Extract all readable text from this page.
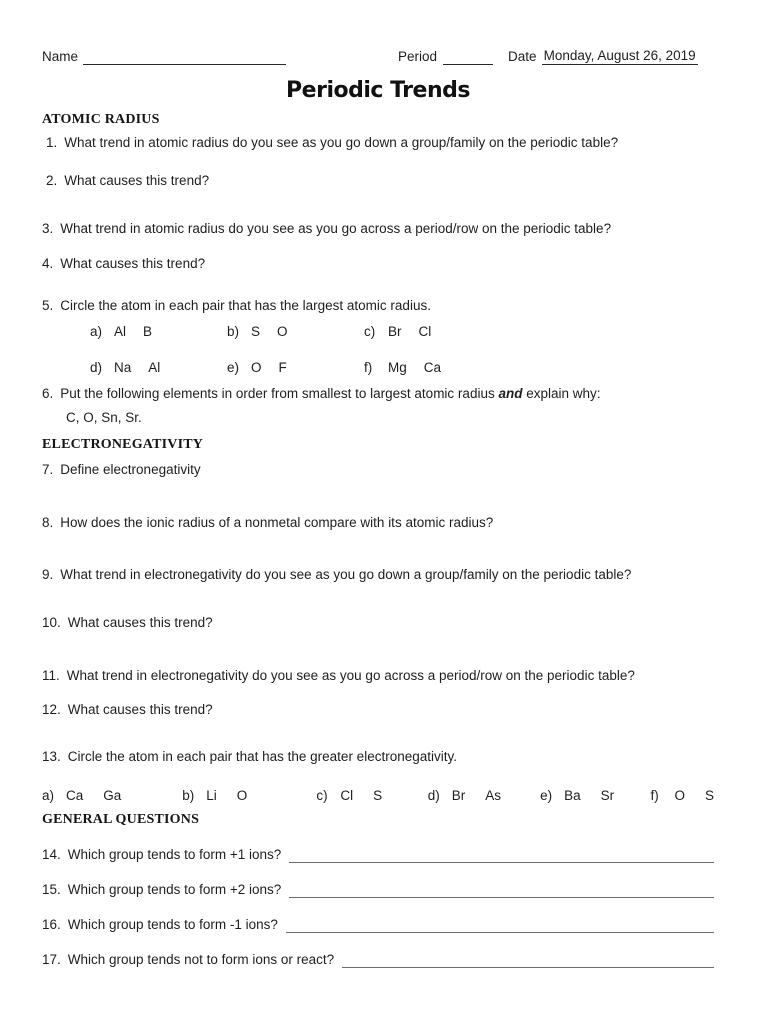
Name	Period	Date Monday, August 26, 2019
Periodic Trends
ATOMIC RADIUS

1. What trend in atomic radius do you see as you go down a group/family on the periodic table?

2. What causes this trend?

3. What trend in atomic radius do you see as you go across a period/row on the periodic table?

4. What causes this trend?

5. Circle the atom in each pair that has the largest atomic radius.

a) Al B	b) S O	c) Br Cl
d) Na Al	e) O F	f)	Mg Ca

6. Put the following elements in order from smallest to largest atomic radius and explain why:

C, O, Sn, Sr.

ELECTRONEGATIVITY

7. Define electronegativity

8. How does the ionic radius of a nonmetal compare with its atomic radius?

9. What trend in electronegativity do you see as you go down a group/family on the periodic table?

10. What causes this trend?

11. What trend in electronegativity do you see as you go across a period/row on the periodic table?

12. What causes this trend?

13. Circle the atom in each pair that has the greater electronegativity.

a) Ca Ga	b) Li O	c) Cl S	d) Br As	e) Ba Sr	f)	O S
GENERAL QUESTIONS

14. Which group tends to form +1 ions?

15. Which group tends to form +2 ions?

16. Which group tends to form -1 ions?

17. Which group tends not to form ions or react?
